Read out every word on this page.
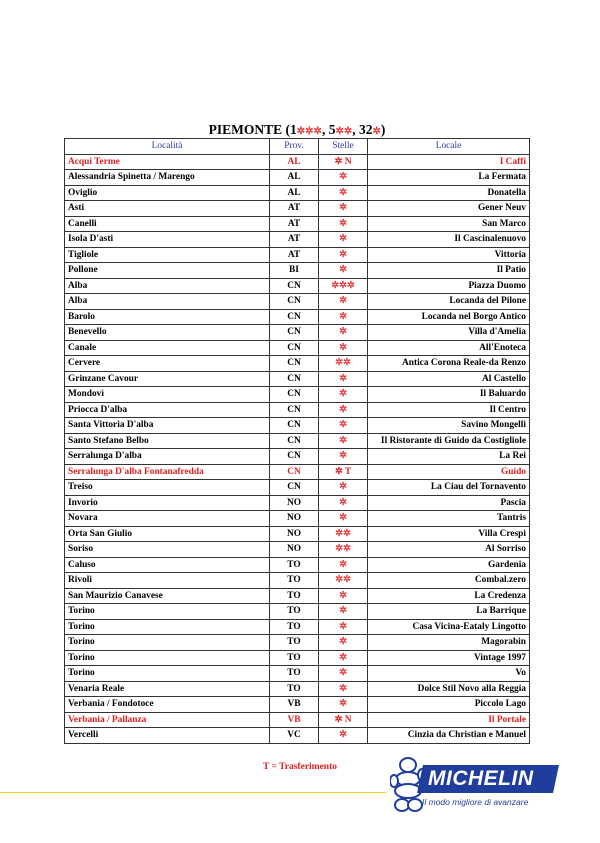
PIEMONTE (1✲✲✲, 5✲✲, 32✲)
Località	Prov.	Stelle	Locale
Acqui Terme	AL	✲ N	I Caffi
Alessandria Spinetta / Marengo	AL	✲	La Fermata
Oviglio	AL	✲	Donatella
Asti	AT	✲	Gener Neuv
Canelli	AT	✲	San Marco
Isola D'asti	AT	✲	Il Cascinalenuovo
Tigliole	AT	✲	Vittoria
Pollone	BI	✲	Il Patio
Alba	CN	✲✲✲	Piazza Duomo
Alba	CN	✲	Locanda del Pilone
Barolo	CN	✲	Locanda nel Borgo Antico
Benevello	CN	✲	Villa d'Amelia
Canale	CN	✲	All'Enoteca
Cervere	CN	✲✲	Antica Corona Reale-da Renzo
Grinzane Cavour	CN	✲	Al Castello
Mondovì	CN	✲	Il Baluardo
Priocca D'alba	CN	✲	Il Centro
Santa Vittoria D'alba	CN	✲	Savino Mongelli
Santo Stefano Belbo	CN	✲	Il Ristorante di Guido da Costigliole
Serralunga D'alba	CN	✲	La Rei
Serralunga D'alba Fontanafredda	CN	✲ T	Guido
Treiso	CN	✲	La Ciau del Tornavento
Invorio	NO	✲	Pascia
Novara	NO	✲	Tantris
Orta San Giulio	NO	✲✲	Villa Crespi
Soriso	NO	✲✲	Al Sorriso
Caluso	TO	✲	Gardenia
Rivoli	TO	✲✲	Combal.zero
San Maurizio Canavese	TO	✲	La Credenza
Torino	TO	✲	La Barrique
Torino	TO	✲	Casa Vicina-Eataly Lingotto
Torino	TO	✲	Magorabin
Torino	TO	✲	Vintage 1997
Torino	TO	✲	Vo
Venaria Reale	TO	✲	Dolce Stil Novo alla Reggia
Verbania / Fondotoce	VB	✲	Piccolo Lago
Verbania / Pallanza	VB	✲ N	Il Portale
Vercelli	VC	✲	Cinzia da Christian e Manuel
T = Trasferimento	MICHELIN
Il modo migliore di avanzare
